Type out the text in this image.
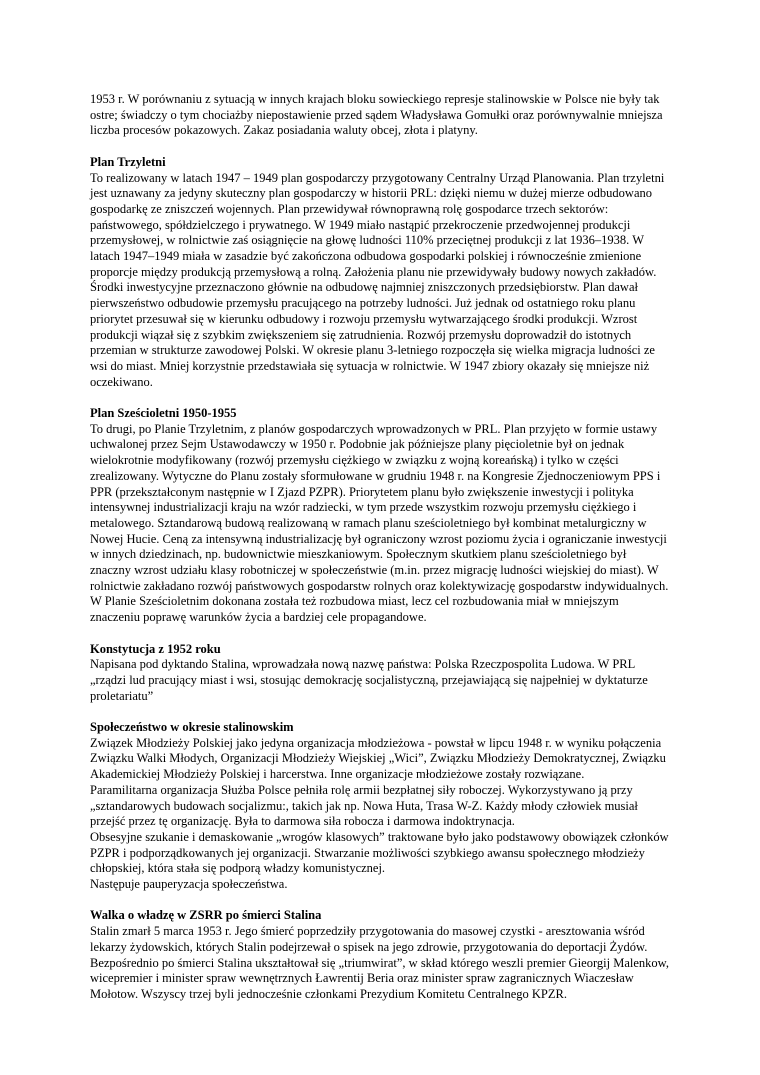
1953 r. W porównaniu z sytuacją w innych krajach bloku sowieckiego represje stalinowskie w Polsce nie były tak ostre; świadczy o tym chociażby niepostawienie przed sądem Władysława Gomułki oraz porównywalnie mniejsza liczba procesów pokazowych. Zakaz posiadania waluty obcej, złota i platyny.

Plan Trzyletni

To realizowany w latach 1947 – 1949 plan gospodarczy przygotowany Centralny Urząd Planowania. Plan trzyletni jest uznawany za jedyny skuteczny plan gospodarczy w historii PRL: dzięki niemu w dużej mierze odbudowano gospodarkę ze zniszczeń wojennych. Plan przewidywał równoprawną rolę gospodarce trzech sektorów: państwowego, spółdzielczego i prywatnego. W 1949 miało nastąpić przekroczenie przedwojennej produkcji przemysłowej, w rolnictwie zaś osiągnięcie na głowę ludności 110% przeciętnej produkcji z lat 1936–1938. W latach 1947–1949 miała w zasadzie być zakończona odbudowa gospodarki polskiej i równocześnie zmienione proporcje między produkcją przemysłową a rolną. Założenia planu nie przewidywały budowy nowych zakładów. Środki inwestycyjne przeznaczono głównie na odbudowę najmniej zniszczonych przedsiębiorstw. Plan dawał pierwszeństwo odbudowie przemysłu pracującego na potrzeby ludności. Już jednak od ostatniego roku planu priorytet przesuwał się w kierunku odbudowy i rozwoju przemysłu wytwarzającego środki produkcji. Wzrost produkcji wiązał się z szybkim zwiększeniem się zatrudnienia. Rozwój przemysłu doprowadził do istotnych przemian w strukturze zawodowej Polski. W okresie planu 3-letniego rozpoczęła się wielka migracja ludności ze wsi do miast. Mniej korzystnie przedstawiała się sytuacja w rolnictwie. W 1947 zbiory okazały się mniejsze niż oczekiwano.

Plan Sześcioletni 1950-1955

To drugi, po Planie Trzyletnim, z planów gospodarczych wprowadzonych w PRL. Plan przyjęto w formie ustawy uchwalonej przez Sejm Ustawodawczy w 1950 r. Podobnie jak późniejsze plany pięcioletnie był on jednak wielokrotnie modyfikowany (rozwój przemysłu ciężkiego w związku z wojną koreańską) i tylko w części zrealizowany. Wytyczne do Planu zostały sformułowane w grudniu 1948 r. na Kongresie Zjednoczeniowym PPS i PPR (przekształconym następnie w I Zjazd PZPR). Priorytetem planu było zwiększenie inwestycji i polityka intensywnej industrializacji kraju na wzór radziecki, w tym przede wszystkim rozwoju przemysłu ciężkiego i metalowego. Sztandarową budową realizowaną w ramach planu sześcioletniego był kombinat metalurgiczny w Nowej Hucie. Ceną za intensywną industrializację był ograniczony wzrost poziomu życia i ograniczanie inwestycji w innych dziedzinach, np. budownictwie mieszkaniowym. Społecznym skutkiem planu sześcioletniego był znaczny wzrost udziału klasy robotniczej w społeczeństwie (m.in. przez migrację ludności wiejskiej do miast). W rolnictwie zakładano rozwój państwowych gospodarstw rolnych oraz kolektywizację gospodarstw indywidualnych.

W Planie Sześcioletnim dokonana została też rozbudowa miast, lecz cel rozbudowania miał w mniejszym znaczeniu poprawę warunków życia a bardziej cele propagandowe.

Konstytucja z 1952 roku

Napisana pod dyktando Stalina, wprowadzała nową nazwę państwa: Polska Rzeczpospolita Ludowa. W PRL „rządzi lud pracujący miast i wsi, stosując demokrację socjalistyczną, przejawiającą się najpełniej w dyktaturze proletariatu”

Społeczeństwo w okresie stalinowskim

Związek Młodzieży Polskiej jako jedyna organizacja młodzieżowa - powstał w lipcu 1948 r. w wyniku połączenia Związku Walki Młodych, Organizacji Młodzieży Wiejskiej „Wici”, Związku Młodzieży Demokratycznej, Związku Akademickiej Młodzieży Polskiej i harcerstwa. Inne organizacje młodzieżowe zostały rozwiązane.

Paramilitarna organizacja Służba Polsce pełniła rolę armii bezpłatnej siły roboczej. Wykorzystywano ją przy „sztandarowych budowach socjalizmu:, takich jak np. Nowa Huta, Trasa W-Z. Każdy młody człowiek musiał przejść przez tę organizację. Była to darmowa siła robocza i darmowa indoktrynacja.

Obsesyjne szukanie i demaskowanie „wrogów klasowych” traktowane było jako podstawowy obowiązek członków PZPR i podporządkowanych jej organizacji. Stwarzanie możliwości szybkiego awansu społecznego młodzieży chłopskiej, która stała się podporą władzy komunistycznej.

Następuje pauperyzacja społeczeństwa.

Walka o władzę w ZSRR po śmierci Stalina

Stalin zmarł 5 marca 1953 r. Jego śmierć poprzedziły przygotowania do masowej czystki - aresztowania wśród lekarzy żydowskich, których Stalin podejrzewał o spisek na jego zdrowie, przygotowania do deportacji Żydów. Bezpośrednio po śmierci Stalina ukształtował się „triumwirat”, w skład którego weszli premier Gieorgij Malenkow, wicepremier i minister spraw wewnętrznych Ławrentij Beria oraz minister spraw zagranicznych Wiaczesław Mołotow. Wszyscy trzej byli jednocześnie członkami Prezydium Komitetu Centralnego KPZR.
